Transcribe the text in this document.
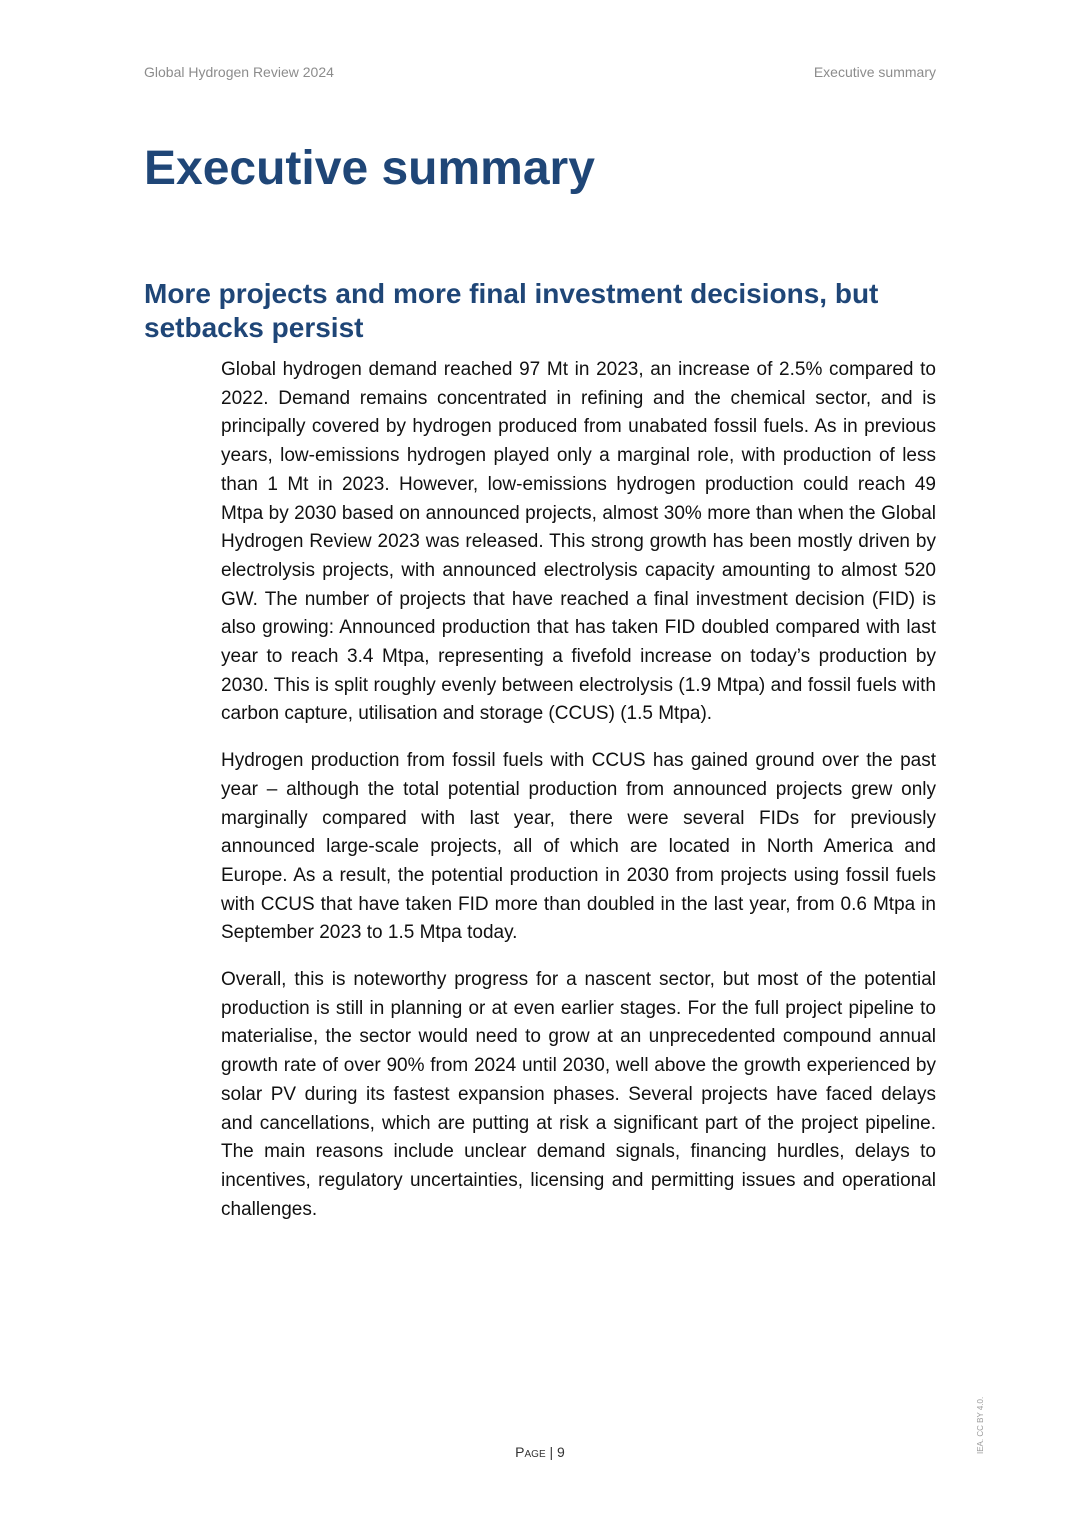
Global Hydrogen Review 2024	Executive summary
Executive summary
More projects and more final investment decisions, but setbacks persist

Global hydrogen demand reached 97 Mt in 2023, an increase of 2.5% compared to 2022. Demand remains concentrated in refining and the chemical sector, and is principally covered by hydrogen produced from unabated fossil fuels. As in previous years, low-emissions hydrogen played only a marginal role, with production of less than 1 Mt in 2023. However, low-emissions hydrogen production could reach 49 Mtpa by 2030 based on announced projects, almost 30% more than when the Global Hydrogen Review 2023 was released. This strong growth has been mostly driven by electrolysis projects, with announced electrolysis capacity amounting to almost 520 GW. The number of projects that have reached a final investment decision (FID) is also growing: Announced production that has taken FID doubled compared with last year to reach 3.4 Mtpa, representing a fivefold increase on today’s production by 2030. This is split roughly evenly between electrolysis (1.9 Mtpa) and fossil fuels with carbon capture, utilisation and storage (CCUS) (1.5 Mtpa).

Hydrogen production from fossil fuels with CCUS has gained ground over the past year – although the total potential production from announced projects grew only marginally compared with last year, there were several FIDs for previously announced large-scale projects, all of which are located in North America and Europe. As a result, the potential production in 2030 from projects using fossil fuels with CCUS that have taken FID more than doubled in the last year, from 0.6 Mtpa in September 2023 to 1.5 Mtpa today.

Overall, this is noteworthy progress for a nascent sector, but most of the potential production is still in planning or at even earlier stages. For the full project pipeline to materialise, the sector would need to grow at an unprecedented compound annual growth rate of over 90% from 2024 until 2030, well above the growth experienced by solar PV during its fastest expansion phases. Several projects have faced delays and cancellations, which are putting at risk a significant part of the project pipeline. The main reasons include unclear demand signals, financing hurdles, delays to incentives, regulatory uncertainties, licensing and permitting issues and operational challenges.

Page | 9	IEA. CC BY 4.0.
